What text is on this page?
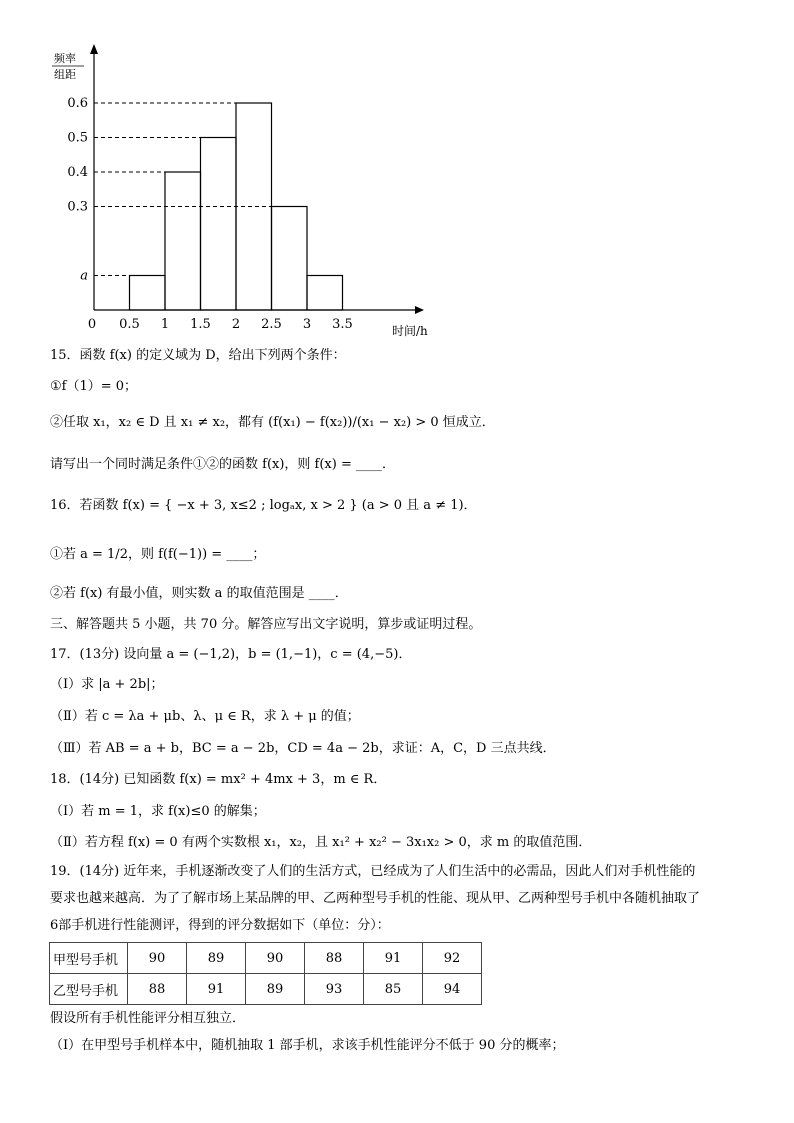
频率
组距
0.6
0.5
0.4
0.3
a
0 0.5 1 1.5 2 2.5 3 3.5	时间/h
15．函数 f(x) 的定义域为 D，给出下列两个条件：
①f（1）= 0；
②任取 x₁，x₂ ∈ D 且 x₁ ≠ x₂，都有 (f(x₁) − f(x₂))/(x₁ − x₂) > 0 恒成立．
请写出一个同时满足条件①②的函数 f(x)，则 f(x) = ____．
16．若函数 f(x) = { −x + 3, x≤2 ; logₐx, x > 2 } (a > 0 且 a ≠ 1)．
①若 a = 1/2，则 f(f(−1)) = ____；
②若 f(x) 有最小值，则实数 a 的取值范围是 ____．
三、解答题共 5 小题，共 70 分。解答应写出文字说明，算步或证明过程。
17．(13分) 设向量 a = (−1,2)，b = (1,−1)，c = (4,−5)．
（Ⅰ）求 |a + 2b|；
（Ⅱ）若 c = λa + μb、λ、μ ∈ R，求 λ + μ 的值；
（Ⅲ）若 AB = a + b，BC = a − 2b，CD = 4a − 2b，求证：A，C，D 三点共线．
18．(14分) 已知函数 f(x) = mx² + 4mx + 3，m ∈ R．
（Ⅰ）若 m = 1，求 f(x)≤0 的解集；
（Ⅱ）若方程 f(x) = 0 有两个实数根 x₁，x₂，且 x₁² + x₂² − 3x₁x₂ > 0，求 m 的取值范围．
19．(14分) 近年来，手机逐渐改变了人们的生活方式，已经成为了人们生活中的必需品，因此人们对手机性能的
要求也越来越高．为了了解市场上某品牌的甲、乙两种型号手机的性能、现从甲、乙两种型号手机中各随机抽取了
6部手机进行性能测评，得到的评分数据如下（单位：分）：
甲型号手机	90	89	90	88	91	92
乙型号手机	88	91	89	93	85	94
假设所有手机性能评分相互独立．
（Ⅰ）在甲型号手机样本中，随机抽取 1 部手机，求该手机性能评分不低于 90 分的概率；
